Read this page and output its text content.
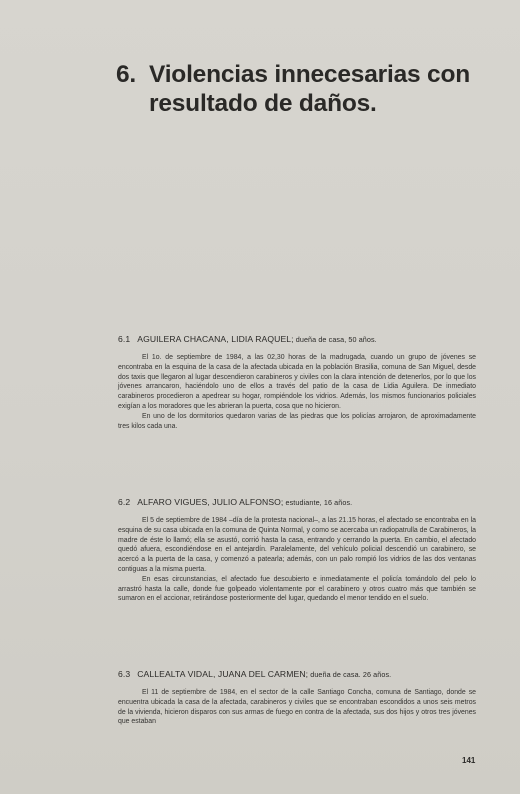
6. Violencias innecesarias con
resultado de daños.

6.1 AGUILERA CHACANA, LIDIA RAQUEL; dueña de casa, 50 años.

El 1o. de septiembre de 1984, a las 02,30 horas de la madrugada, cuando un grupo de jóvenes se encontraba en la esquina de la casa de la afectada ubicada en la población Brasilia, comuna de San Miguel, desde dos taxis que llegaron al lugar descendieron carabineros y civiles con la clara intención de detenerlos, por lo que los jóvenes arrancaron, haciéndolo uno de ellos a través del patio de la casa de Lidia Aguilera. De inmediato carabineros procedieron a apedrear su hogar, rompiéndole los vidrios. Además, los mismos funcionarios policiales exigían a los moradores que les abrieran la puerta, cosa que no hicieron.

En uno de los dormitorios quedaron varias de las piedras que los policías arrojaron, de aproximadamente tres kilos cada una.

6.2 ALFARO VIGUES, JULIO ALFONSO; estudiante, 16 años.

El 5 de septiembre de 1984 –día de la protesta nacional–, a las 21.15 horas, el afectado se encontraba en la esquina de su casa ubicada en la comuna de Quinta Normal, y como se acercaba un radiopatrulla de Carabineros, la madre de éste lo llamó; ella se asustó, corrió hasta la casa, entrando y cerrando la puerta. En cambio, el afectado quedó afuera, escondiéndose en el antejardín. Paralelamente, del vehículo policial descendió un carabinero, se acercó a la puerta de la casa, y comenzó a patearla; además, con un palo rompió los vidrios de las dos ventanas contiguas a la misma puerta.

En esas circunstancias, el afectado fue descubierto e inmediatamente el policía tomándolo del pelo lo arrastró hasta la calle, donde fue golpeado violentamente por el carabinero y otros cuatro más que también se sumaron en el accionar, retirándose posteriormente del lugar, quedando el menor tendido en el suelo.

6.3 CALLEALTA VIDAL, JUANA DEL CARMEN; dueña de casa. 26 años.

El 11 de septiembre de 1984, en el sector de la calle Santiago Concha, comuna de Santiago, donde se encuentra ubicada la casa de la afectada, carabineros y civiles que se encontraban escondidos a unos seis metros de la vivienda, hicieron disparos con sus armas de fuego en contra de la afectada, sus dos hijos y otros tres jóvenes que estaban

141
